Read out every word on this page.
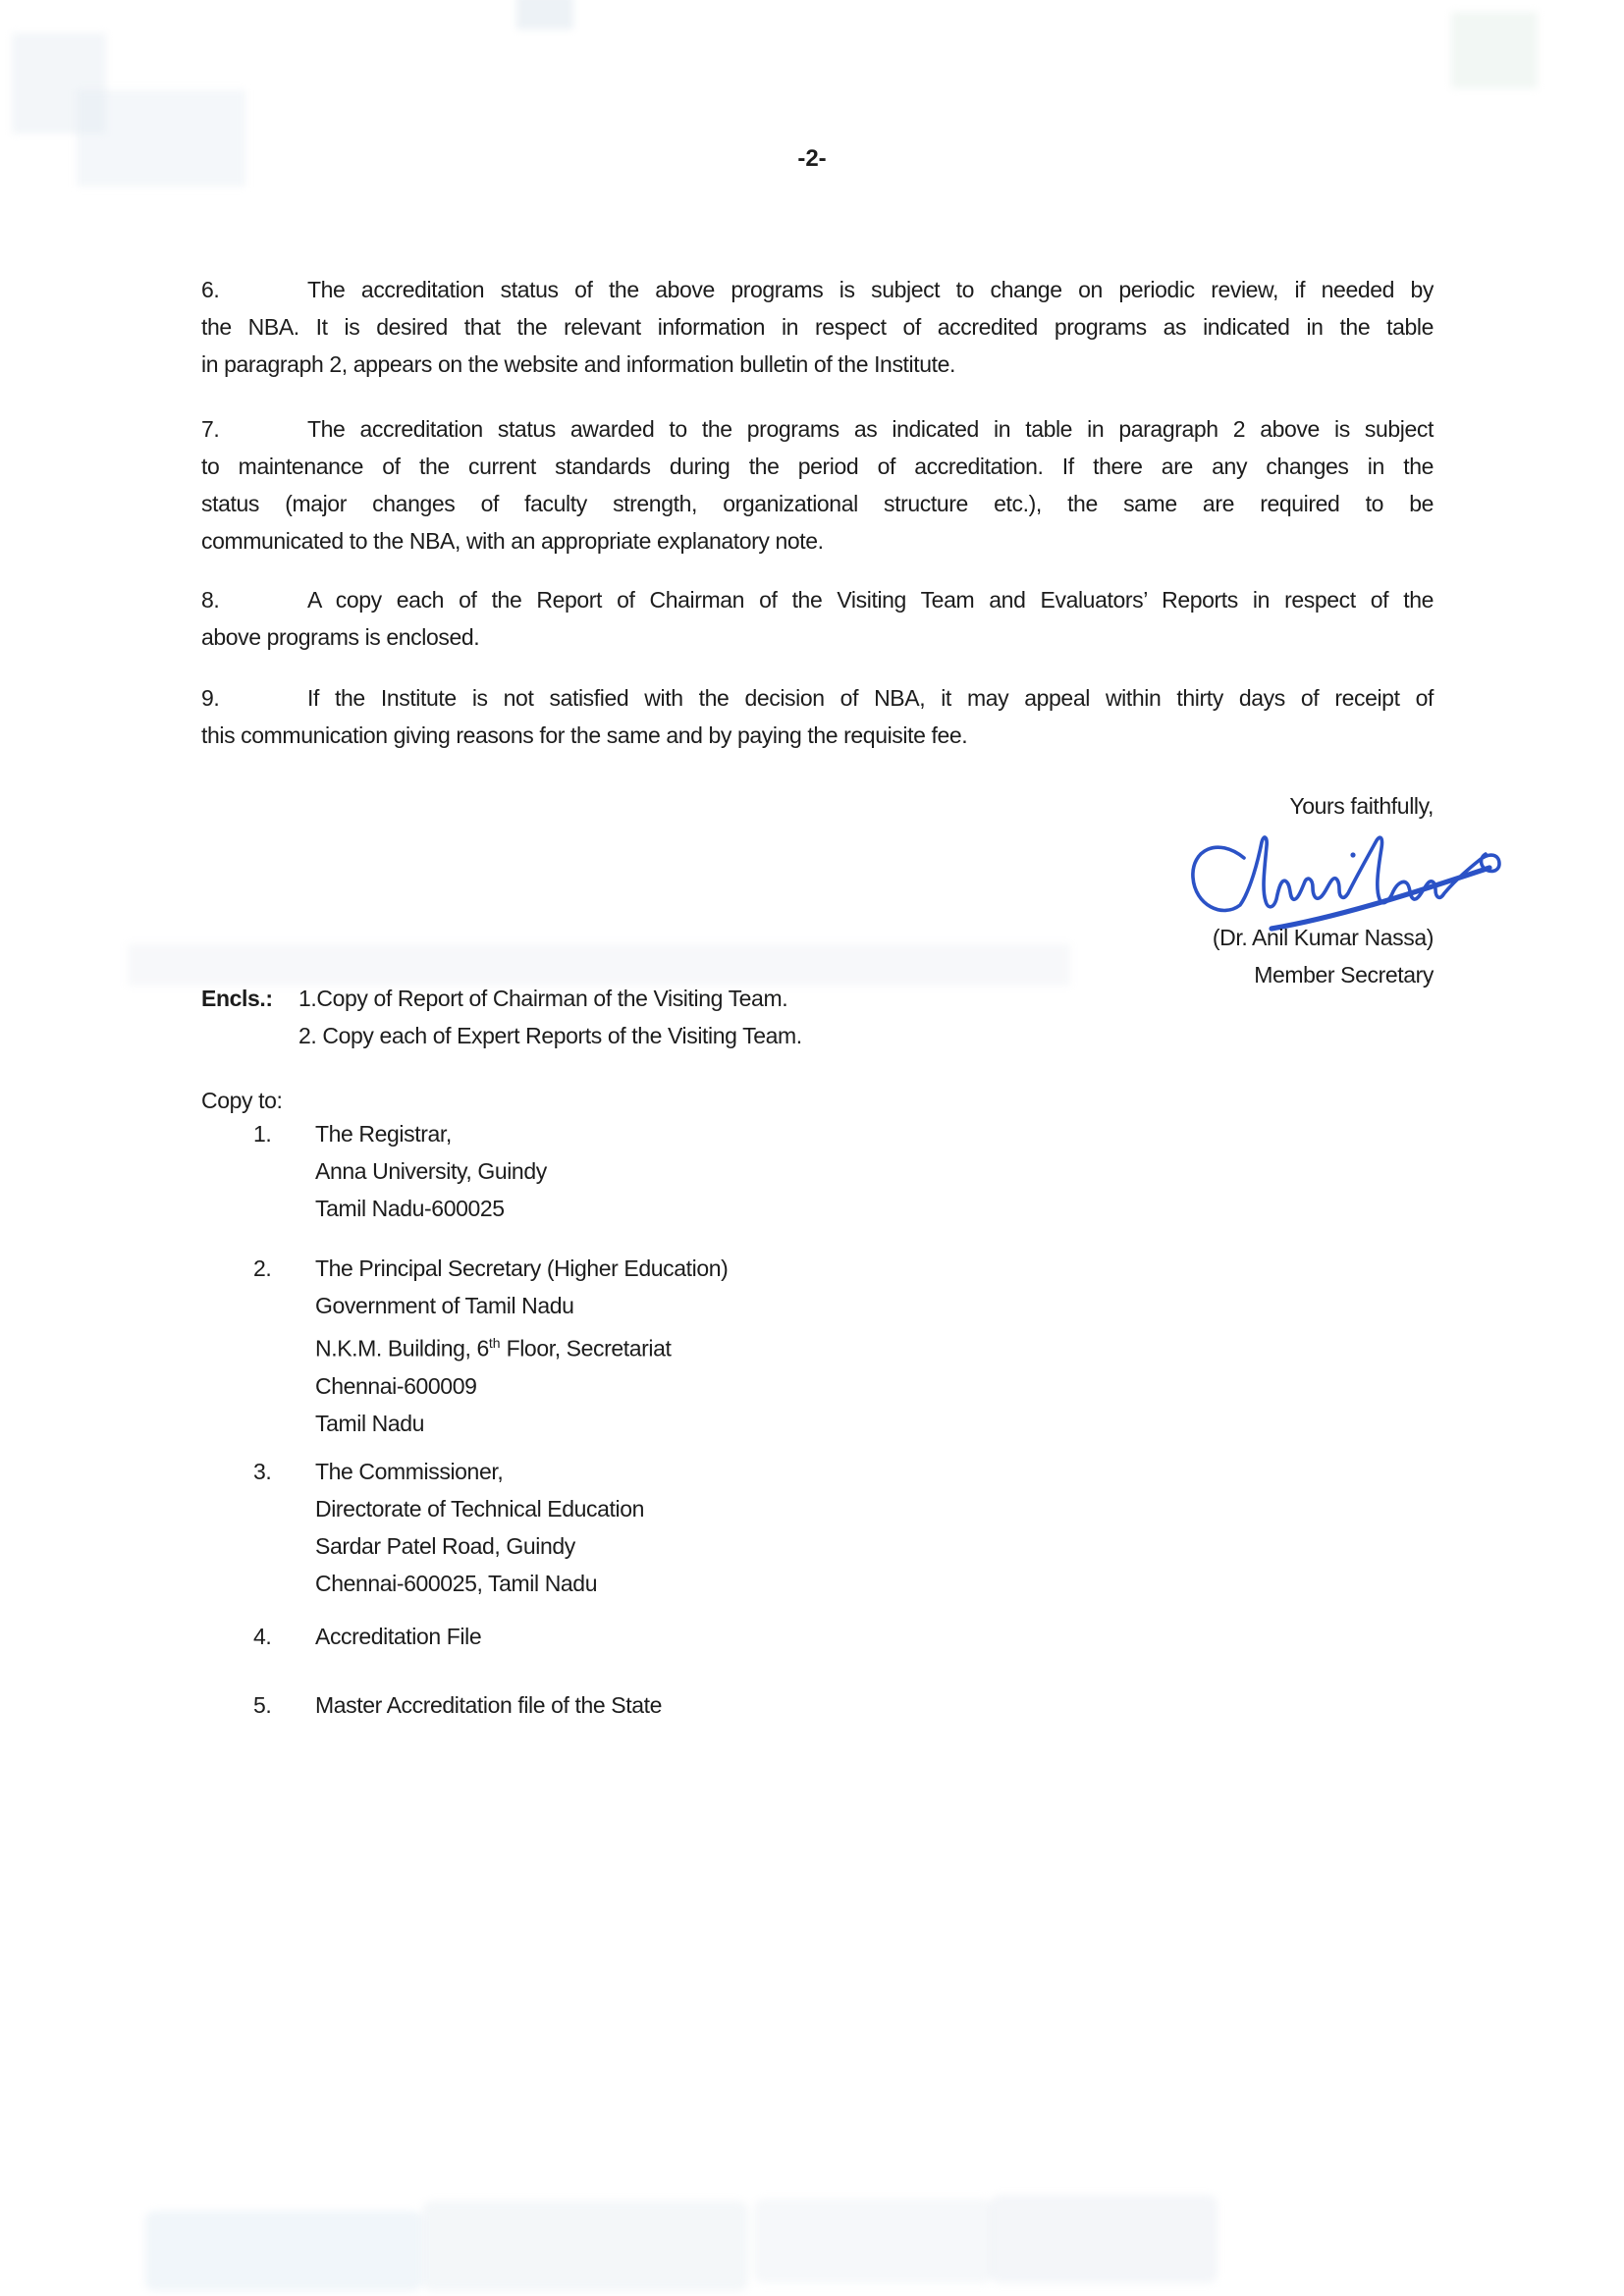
-2-
6.	The accreditation status of the above programs is subject to change on periodic review, if needed by
the NBA. It is desired that the relevant information in respect of accredited programs as indicated in the table
in paragraph 2, appears on the website and information bulletin of the Institute.
7.	The accreditation status awarded to the programs as indicated in table in paragraph 2 above is subject
to maintenance of the current standards during the period of accreditation. If there are any changes in the
status (major changes of faculty strength, organizational structure etc.), the same are required to be
communicated to the NBA, with an appropriate explanatory note.
8.	A copy each of the Report of Chairman of the Visiting Team and Evaluators’ Reports in respect of the
above programs is enclosed.
9.	If the Institute is not satisfied with the decision of NBA, it may appeal within thirty days of receipt of
this communication giving reasons for the same and by paying the requisite fee.
Yours faithfully,
(Dr. Anil Kumar Nassa)
Member Secretary
Encls.:	1.Copy of Report of Chairman of the Visiting Team.
2. Copy each of Expert Reports of the Visiting Team.
Copy to:
1.	The Registrar,
Anna University, Guindy
Tamil Nadu-600025
2.	The Principal Secretary (Higher Education)
Government of Tamil Nadu
N.K.M. Building, 6th Floor, Secretariat
Chennai-600009
Tamil Nadu
3.	The Commissioner,
Directorate of Technical Education
Sardar Patel Road, Guindy
Chennai-600025, Tamil Nadu
4.	Accreditation File
5.	Master Accreditation file of the State
